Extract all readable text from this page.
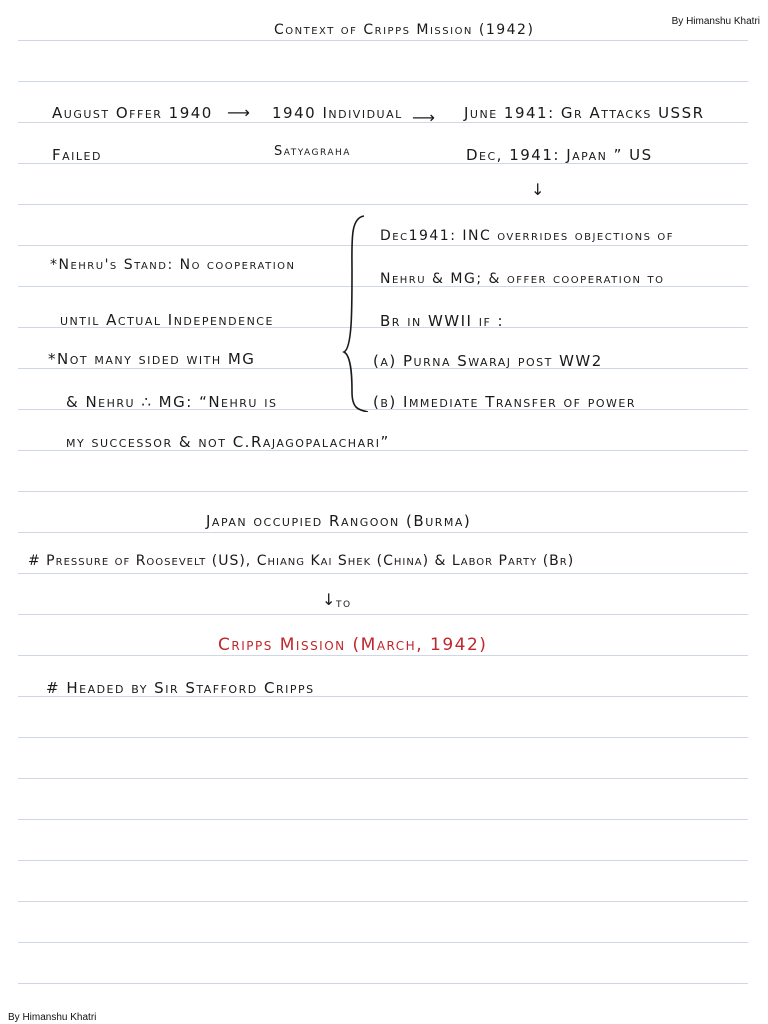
By Himanshu Khatri
By Himanshu Khatri
Context of Cripps Mission (1942)
August Offer 1940 ⟶ 1940 Individual ⟶ June 1941: Gr Attacks USSR
Failed	Satyagraha	Dec, 1941: Japan ” US
↓
Dec1941: INC overrides objections of
Nehru & MG; & offer cooperation to
Br in WWII if :
(a) Purna Swaraj post WW2
(b) Immediate Transfer of power
*Nehru's Stand: No cooperation
until Actual Independence
*Not many sided with MG
& Nehru ∴ MG: “Nehru is
my successor & not C.Rajagopalachari”
Japan occupied Rangoon (Burma)
# Pressure of Roosevelt (US), Chiang Kai Shek (China) & Labor Party (Br)
↓ to
Cripps Mission (March, 1942)
# Headed by Sir Stafford Cripps
